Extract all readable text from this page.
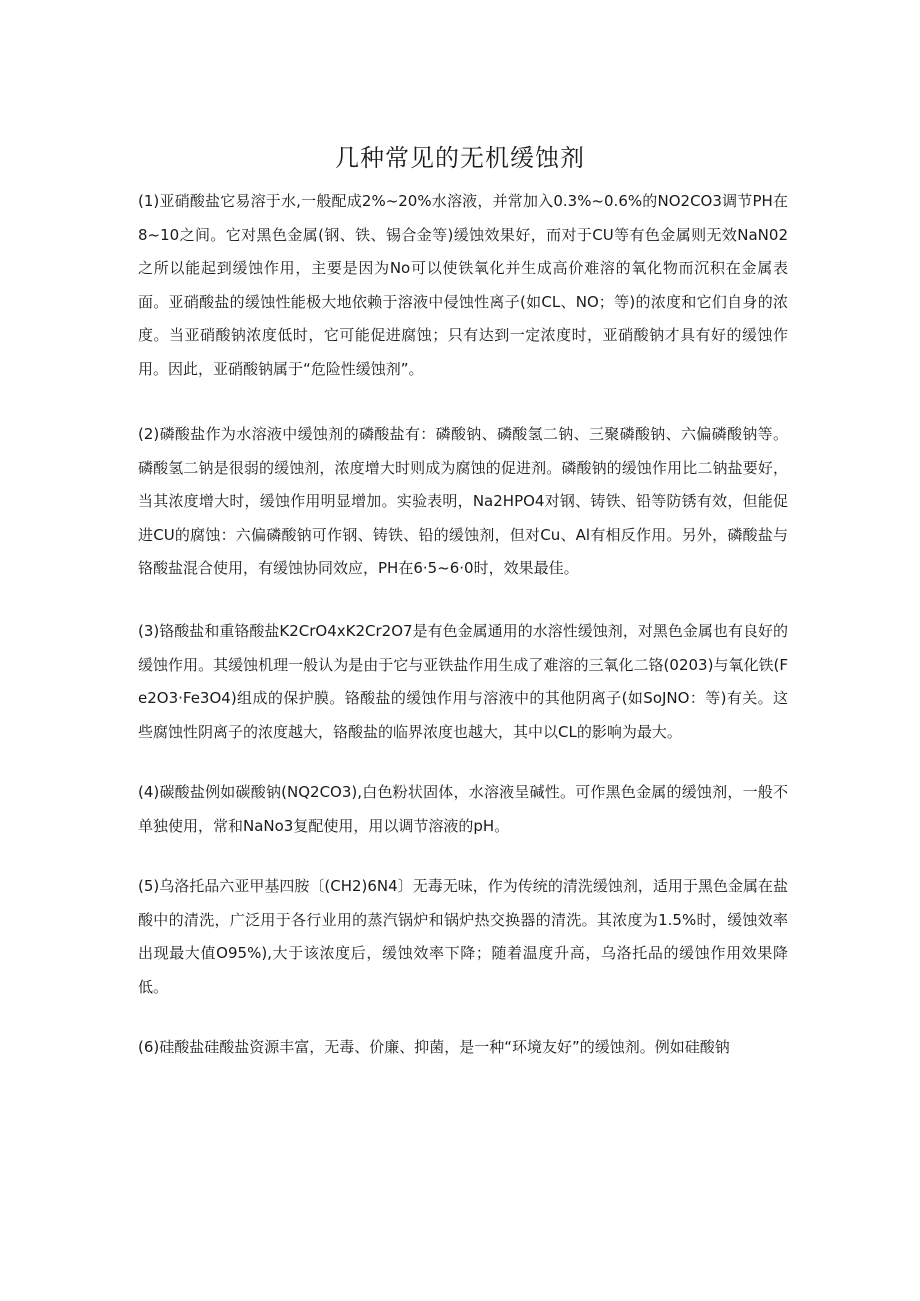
几种常见的无机缓蚀剂

(1)亚硝酸盐它易溶于水,一般配成2%~20%水溶液，并常加入0.3%~0.6%的NO2CO3调节PH在8~10之间。它对黑色金属(钢、铁、锡合金等)缓蚀效果好，而对于CU等有色金属则无效NaN02之所以能起到缓蚀作用，主要是因为No可以使铁氧化并生成高价难溶的氧化物而沉积在金属表面。亚硝酸盐的缓蚀性能极大地依赖于溶液中侵蚀性离子(如CL、NO；等)的浓度和它们自身的浓度。当亚硝酸钠浓度低时，它可能促进腐蚀；只有达到一定浓度时，亚硝酸钠才具有好的缓蚀作用。因此，亚硝酸钠属于“危险性缓蚀剂”。

(2)磷酸盐作为水溶液中缓蚀剂的磷酸盐有：磷酸钠、磷酸氢二钠、三聚磷酸钠、六偏磷酸钠等。磷酸氢二钠是很弱的缓蚀剂，浓度增大时则成为腐蚀的促进剂。磷酸钠的缓蚀作用比二钠盐要好，当其浓度增大时，缓蚀作用明显增加。实验表明，Na2HPO4对钢、铸铁、铅等防锈有效，但能促进CU的腐蚀：六偏磷酸钠可作钢、铸铁、铅的缓蚀剂，但对Cu、Al有相反作用。另外，磷酸盐与铬酸盐混合使用，有缓蚀协同效应，PH在6·5~6·0时，效果最佳。

(3)铬酸盐和重铬酸盐K2CrO4xK2Cr2O7是有色金属通用的水溶性缓蚀剂，对黑色金属也有良好的缓蚀作用。其缓蚀机理一般认为是由于它与亚铁盐作用生成了难溶的三氧化二铬(0203)与氧化铁(Fe2O3·Fe3O4)组成的保护膜。铬酸盐的缓蚀作用与溶液中的其他阴离子(如SoJNO：等)有关。这些腐蚀性阴离子的浓度越大，铬酸盐的临界浓度也越大，其中以CL的影响为最大。

(4)碳酸盐例如碳酸钠(NQ2CO3),白色粉状固体，水溶液呈碱性。可作黑色金属的缓蚀剂，一般不单独使用，常和NaNo3复配使用，用以调节溶液的pH。

(5)乌洛托品六亚甲基四胺〔(CH2)6N4〕无毒无味，作为传统的清洗缓蚀剂，适用于黑色金属在盐酸中的清洗，广泛用于各行业用的蒸汽锅炉和锅炉热交换器的清洗。其浓度为1.5%时，缓蚀效率出现最大值O95%),大于该浓度后，缓蚀效率下降；随着温度升高，乌洛托品的缓蚀作用效果降低。

(6)硅酸盐硅酸盐资源丰富，无毒、价廉、抑菌，是一种“环境友好”的缓蚀剂。例如硅酸钠
